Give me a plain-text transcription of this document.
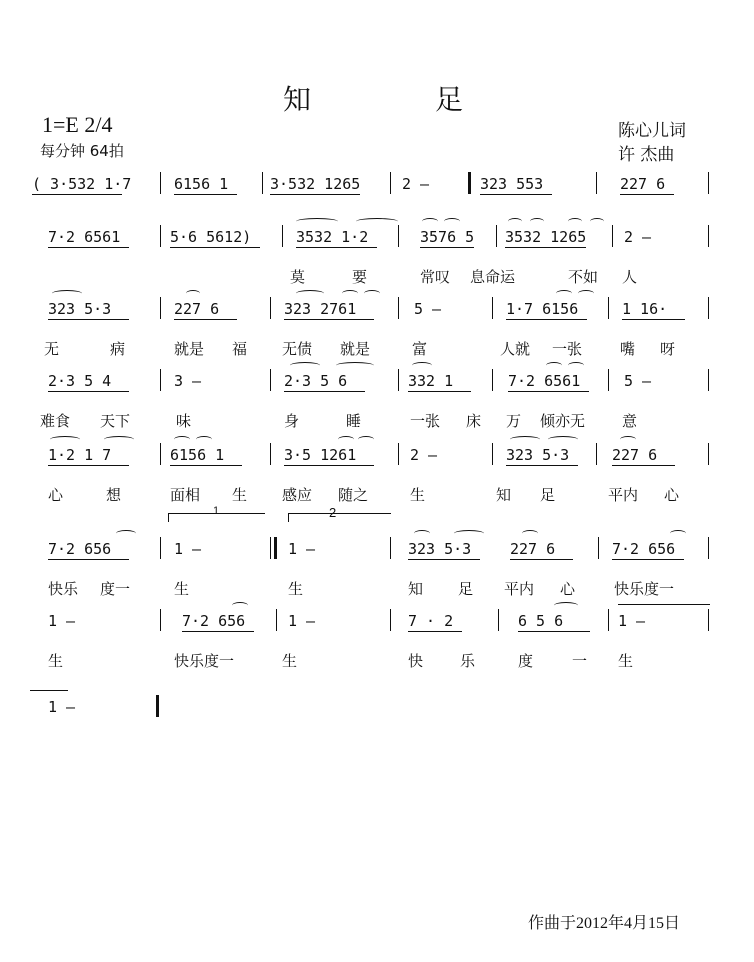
知	足
1=E 2/4
每分钟 64拍
陈心儿词
许 杰曲
( 3·532 1·7	6156 1	3·532 1265	2 –	323 553	227 6
7·2 6561	5·6 5612)	3532 1·2	3576 5 3532 1265	2 –
莫	要	常叹 息命运	不如 人
323 5·3	227 6	323 2761	5 –	1·7 6156	1 16·
无	病	就是 福 无债 就是	富	人就 一张	嘴 呀
2·3 5 4	3 –	2·3 5 6	332 1	7·2 6561	5 –
难食 天下	味	身	睡	一张 床 万 倾亦无 意
1·2 1 7	6156 1	3·5 1261	2 –	323 5·3	227 6
心	想	面相 生 感应 随之	生	知 足	平内 心
7·2 656	1 –	1 –	323 5·3	227 6	7·2 656
快乐 度一	生	生	知 足 平内 心	快乐度一
1 –	7·2 656	1 –	7 · 2	6 5 6	1 –
生	快乐度一	生	快 乐	度	一 生
1 –
作曲于2012年4月15日
1	2
